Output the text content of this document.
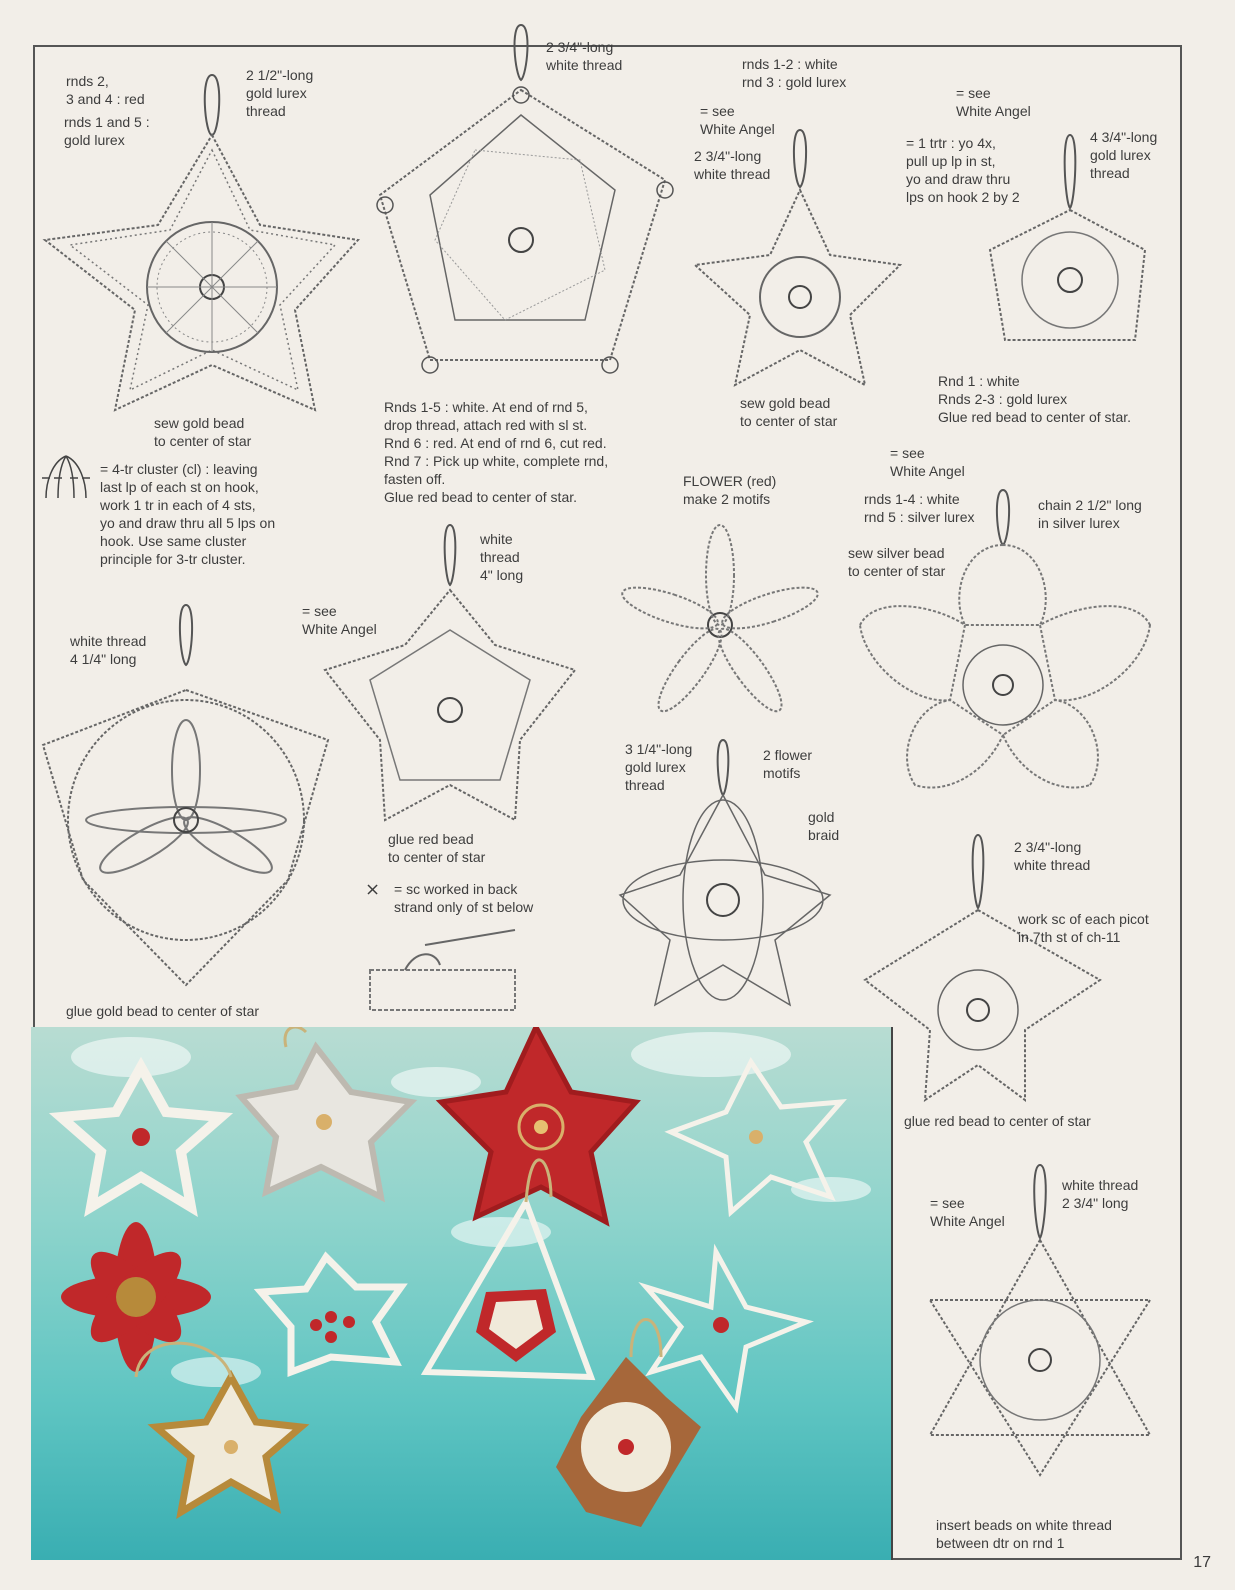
rnds 2,
3 and 4 : red
rnds 1 and 5 :
gold lurex
2 1/2"-long
gold lurex
thread
sew gold bead
to center of star
= 4-tr cluster (cl) : leaving
last lp of each st on hook,
work 1 tr in each of 4 sts,
yo and draw thru all 5 lps on
hook. Use same cluster
principle for 3-tr cluster.
2 3/4"-long
white thread
Rnds 1-5 : white. At end of rnd 5,
drop thread, attach red with sl st.
Rnd 6 : red. At end of rnd 6, cut red.
Rnd 7 : Pick up white, complete rnd,
fasten off.
Glue red bead to center of star.
rnds 1-2 : white
rnd 3 : gold lurex
= see
White Angel
2 3/4"-long
white thread
sew gold bead
to center of star
= see
White Angel
= 1 trtr : yo 4x,
pull up lp in st,
yo and draw thru
lps on hook 2 by 2
4 3/4"-long
gold lurex
thread
Rnd 1 : white
Rnds 2-3 : gold lurex
Glue red bead to center of star.
FLOWER (red)
make 2 motifs
= see
White Angel
rnds 1-4 : white
rnd 5 : silver lurex
chain 2 1/2" long
in silver lurex
sew silver bead
to center of star
white thread
4 1/4" long
glue gold bead to center of star
= see
White Angel
white
thread
4" long
glue red bead
to center of star
⨯ = sc worked in back
strand only of st below
3 1/4"-long
gold lurex
thread
2 flower
motifs
gold
braid
2 3/4"-long
white thread
work sc of each picot
in 7th st of ch-11
glue red bead to center of star
= see
White Angel
white thread
2 3/4" long
insert beads on white thread
between dtr on rnd 1
17
